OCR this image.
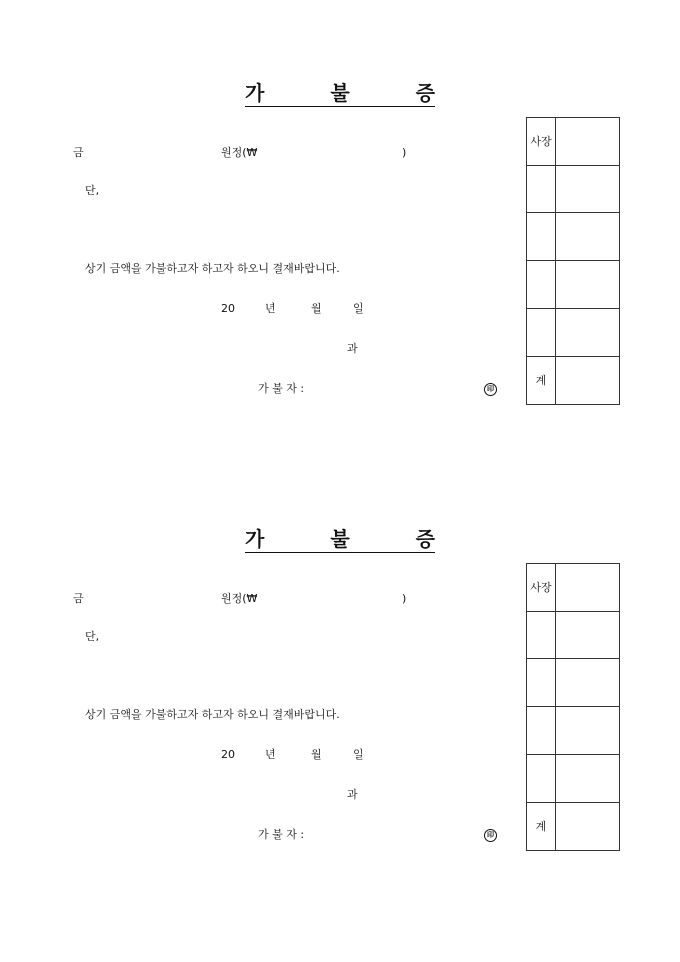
가	불	증
금	원정(₩	)
단,
상기 금액을 가불하고자 하고자 하오니 결재바랍니다.
20	년	월	일
과
가 불 자 :	印
사장
계
가	불	증
금	원정(₩	)
단,
상기 금액을 가불하고자 하고자 하오니 결재바랍니다.
20	년	월	일
과
가 불 자 :	印
사장
계
